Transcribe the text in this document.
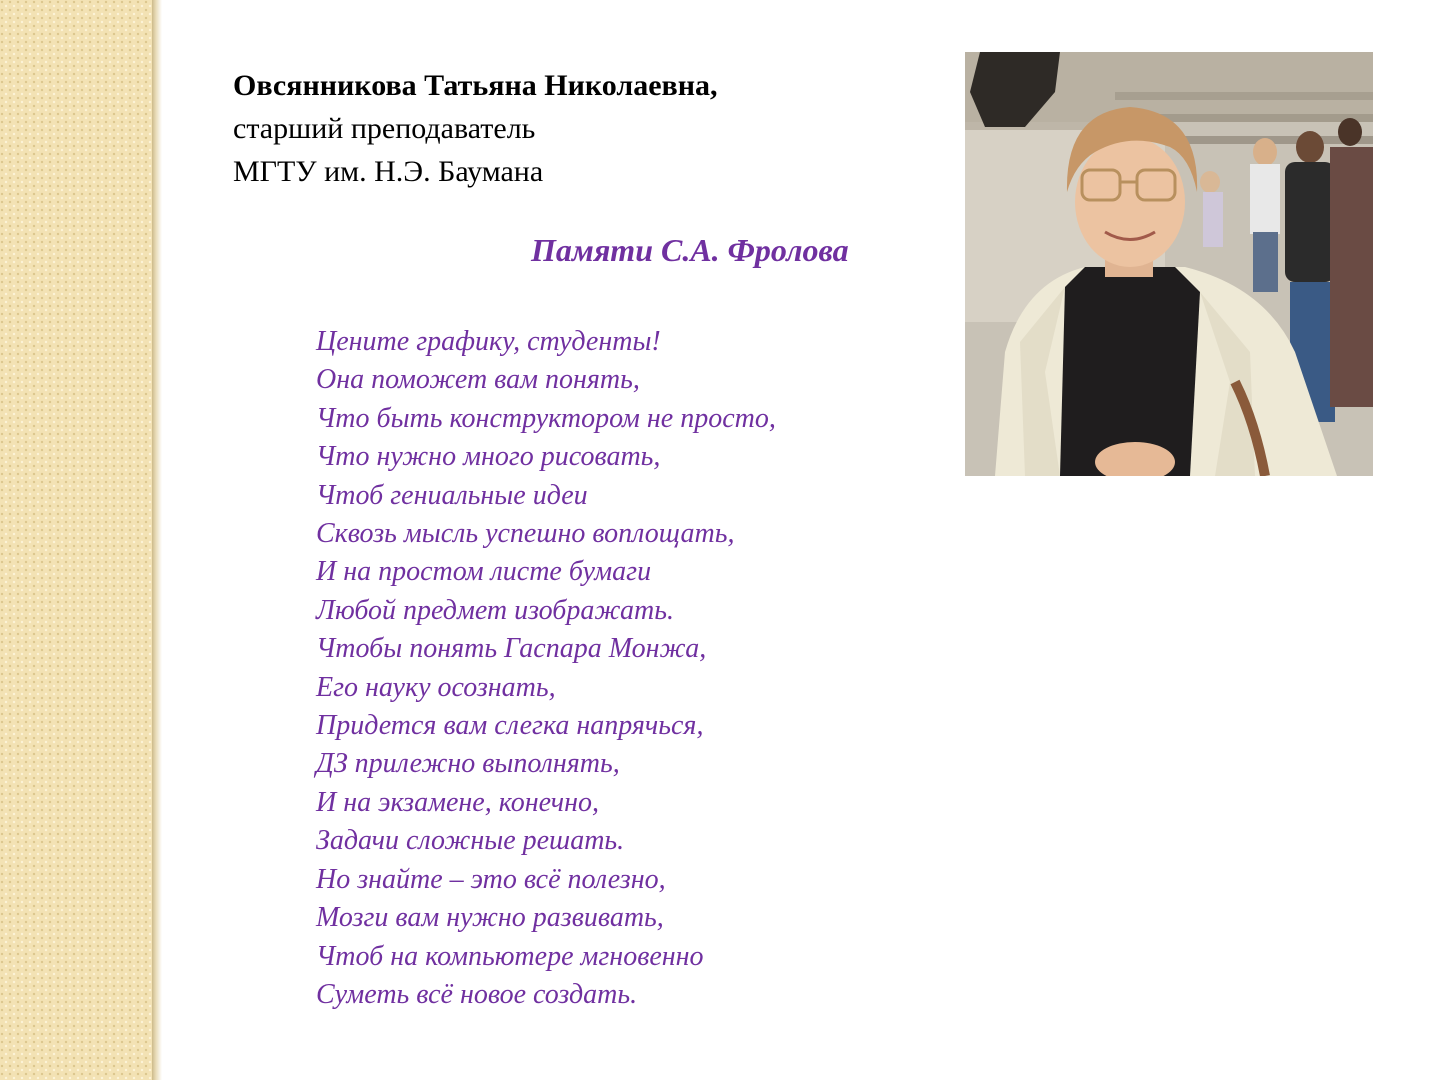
Овсянникова Татьяна Николаевна,
старший преподаватель
МГТУ им. Н.Э. Баумана
Памяти С.А. Фролова
Цените графику, студенты!
Она поможет вам понять,
Что быть конструктором не просто,
Что нужно много рисовать,
Чтоб гениальные идеи
Сквозь мысль успешно воплощать,
И на простом листе бумаги
Любой предмет изображать.
Чтобы понять Гаспара Монжа,
Его науку осознать,
Придется вам слегка напрячься,
ДЗ прилежно выполнять,
И на экзамене, конечно,
Задачи сложные решать.
Но знайте – это всё полезно,
Мозги вам нужно развивать,
Чтоб на компьютере мгновенно
Суметь всё новое создать.
